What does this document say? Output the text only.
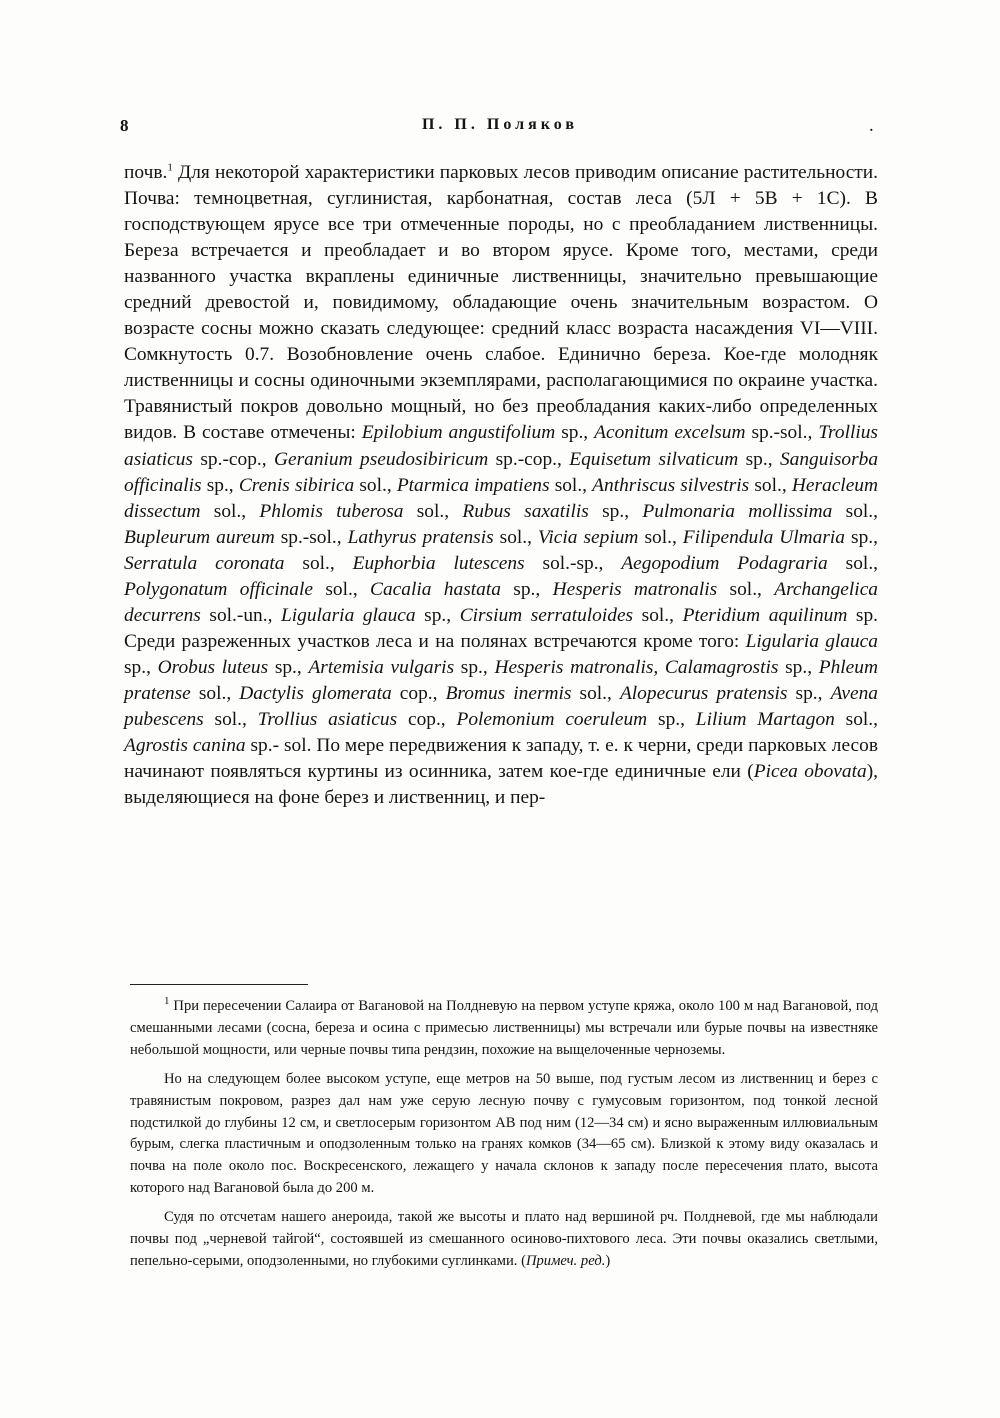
8	П. П. Поляков	.

почв.$^1$ Для некоторой характеристики парковых лесов приводим описание растительности. Почва: темноцветная, суглинистая, карбонатная, состав леса (5Л + 5В + 1С). В господствующем ярусе все три отмеченные породы, но с преобладанием лиственницы. Береза встречается и преобладает и во втором ярусе. Кроме того, местами, среди названного участка вкраплены единичные лиственницы, значительно превышающие средний древостой и, повидимому, обладающие очень значительным возрастом. О возрасте сосны можно сказать следующее: средний класс возраста насаждения VI—VIII. Сомкнутость 0.7. Возобновление очень слабое. Единично береза. Кое-где молодняк лиственницы и сосны одиночными экземплярами, располагающимися по окраине участка. Травянистый покров довольно мощный, но без преобладания каких-либо определенных видов. В составе отмечены: Epilobium angustifolium sp., Aconitum excelsum sp.-sol., Trollius asiaticus sp.-cop., Geranium pseudosibiricum sp.-cop., Equisetum silvaticum sp., Sanguisorba officinalis sp., Crenis sibirica sol., Ptarmica impatiens sol., Anthriscus silvestris sol., Heracleum dissectum sol., Phlomis tuberosa sol., Rubus saxatilis sp., Pulmonaria mollissima sol., Bupleurum aureum sp.-sol., Lathyrus pratensis sol., Vicia sepium sol., Filipendula Ulmaria sp., Serratula coronata sol., Euphorbia lutescens sol.-sp., Aegopodium Podagraria sol., Polygonatum officinale sol., Cacalia hastata sp., Hesperis matronalis sol., Archangelica decurrens sol.-un., Ligularia glauca sp., Cirsium serratuloides sol., Pteridium aquilinum sp. Среди разреженных участков леса и на полянах встречаются кроме того: Ligularia glauca sp., Orobus luteus sp., Artemisia vulgaris sp., Hesperis matronalis, Calamagrostis sp., Phleum pratense sol., Dactylis glomerata cop., Bromus inermis sol., Alopecurus pratensis sp., Avena pubescens sol., Trollius asiaticus cop., Polemonium coeruleum sp., Lilium Martagon sol., Agrostis canina sp.- sol. По мере передвижения к западу, т. е. к черни, среди парковых лесов начинают появляться куртины из осинника, затем кое-где единичные ели (Picea obovata), выделяющиеся на фоне берез и лиственниц, и пер-

$^1$ При пересечении Салаира от Вагановой на Полдневую на первом уступе кряжа, около 100 м над Вагановой, под смешанными лесами (сосна, береза и осина с примесью лиственницы) мы встречали или бурые почвы на известняке небольшой мощности, или черные почвы типа рендзин, похожие на выщелоченные черноземы.

Но на следующем более высоком уступе, еще метров на 50 выше, под густым лесом из лиственниц и берез с травянистым покровом, разрез дал нам уже серую лесную почву с гумусовым горизонтом, под тонкой лесной подстилкой до глубины 12 см, и светлосерым горизонтом АВ под ним (12—34 см) и ясно выраженным иллювиальным бурым, слегка пластичным и оподзоленным только на гранях комков (34—65 см). Близкой к этому виду оказалась и почва на поле около пос. Воскресенского, лежащего у начала склонов к западу после пересечения плато, высота которого над Вагановой была до 200 м.

Судя по отсчетам нашего анероида, такой же высоты и плато над вершиной рч. Полдневой, где мы наблюдали почвы под „черневой тайгой“, состоявшей из смешанного осиново-пихтового леса. Эти почвы оказались светлыми, пепельно-серыми, оподзоленными, но глубокими суглинками. (Примеч. ред.)
